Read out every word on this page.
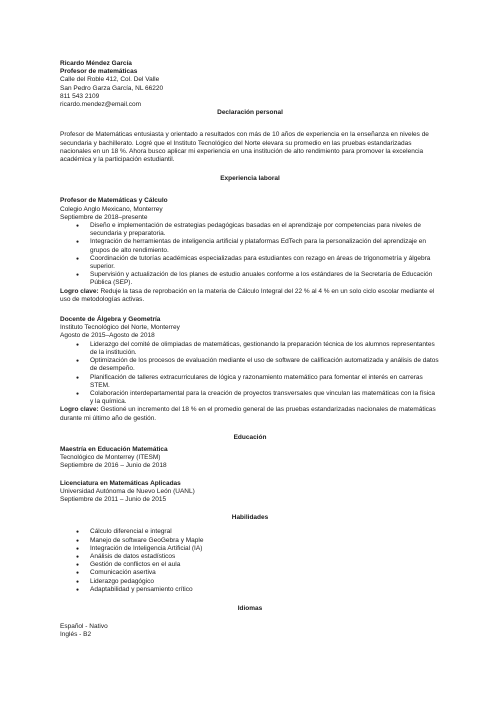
Ricardo Méndez García
Profesor de matemáticas
Calle del Roble 412, Col. Del Valle
San Pedro Garza García, NL 66220
811 543 2109
ricardo.mendez@email.com
Declaración personal
Profesor de Matemáticas entusiasta y orientado a resultados con más de 10 años de experiencia en la enseñanza en niveles de secundaria y bachillerato. Logré que el Instituto Tecnológico del Norte elevara su promedio en las pruebas estandarizadas nacionales en un 18 %. Ahora busco aplicar mi experiencia en una institución de alto rendimiento para promover la excelencia académica y la participación estudiantil.
Experiencia laboral
Profesor de Matemáticas y Cálculo
Colegio Anglo Mexicano, Monterrey
Septiembre de 2018–presente
● Diseño e implementación de estrategias pedagógicas basadas en el aprendizaje por competencias para niveles de secundaria y preparatoria.
● Integración de herramientas de inteligencia artificial y plataformas EdTech para la personalización del aprendizaje en grupos de alto rendimiento.
● Coordinación de tutorías académicas especializadas para estudiantes con rezago en áreas de trigonometría y álgebra superior.
● Supervisión y actualización de los planes de estudio anuales conforme a los estándares de la Secretaría de Educación Pública (SEP).
Logro clave: Reduje la tasa de reprobación en la materia de Cálculo Integral del 22 % al 4 % en un solo ciclo escolar mediante el uso de metodologías activas.
Docente de Álgebra y Geometría
Instituto Tecnológico del Norte, Monterrey
Agosto de 2015–Agosto de 2018
● Liderazgo del comité de olimpiadas de matemáticas, gestionando la preparación técnica de los alumnos representantes de la institución.
● Optimización de los procesos de evaluación mediante el uso de software de calificación automatizada y análisis de datos de desempeño.
● Planificación de talleres extracurriculares de lógica y razonamiento matemático para fomentar el interés en carreras STEM.
● Colaboración interdepartamental para la creación de proyectos transversales que vinculan las matemáticas con la física y la química.
Logro clave: Gestioné un incremento del 18 % en el promedio general de las pruebas estandarizadas nacionales de matemáticas durante mi último año de gestión.
Educación
Maestría en Educación Matemática
Tecnológico de Monterrey (ITESM)
Septiembre de 2016 – Junio de 2018
Licenciatura en Matemáticas Aplicadas
Universidad Autónoma de Nuevo León (UANL)
Septiembre de 2011 – Junio de 2015
Habilidades
● Cálculo diferencial e integral
● Manejo de software GeoGebra y Maple
● Integración de Inteligencia Artificial (IA)
● Análisis de datos estadísticos
● Gestión de conflictos en el aula
● Comunicación asertiva
● Liderazgo pedagógico
● Adaptabilidad y pensamiento crítico
Idiomas
Español - Nativo
Inglés - B2
